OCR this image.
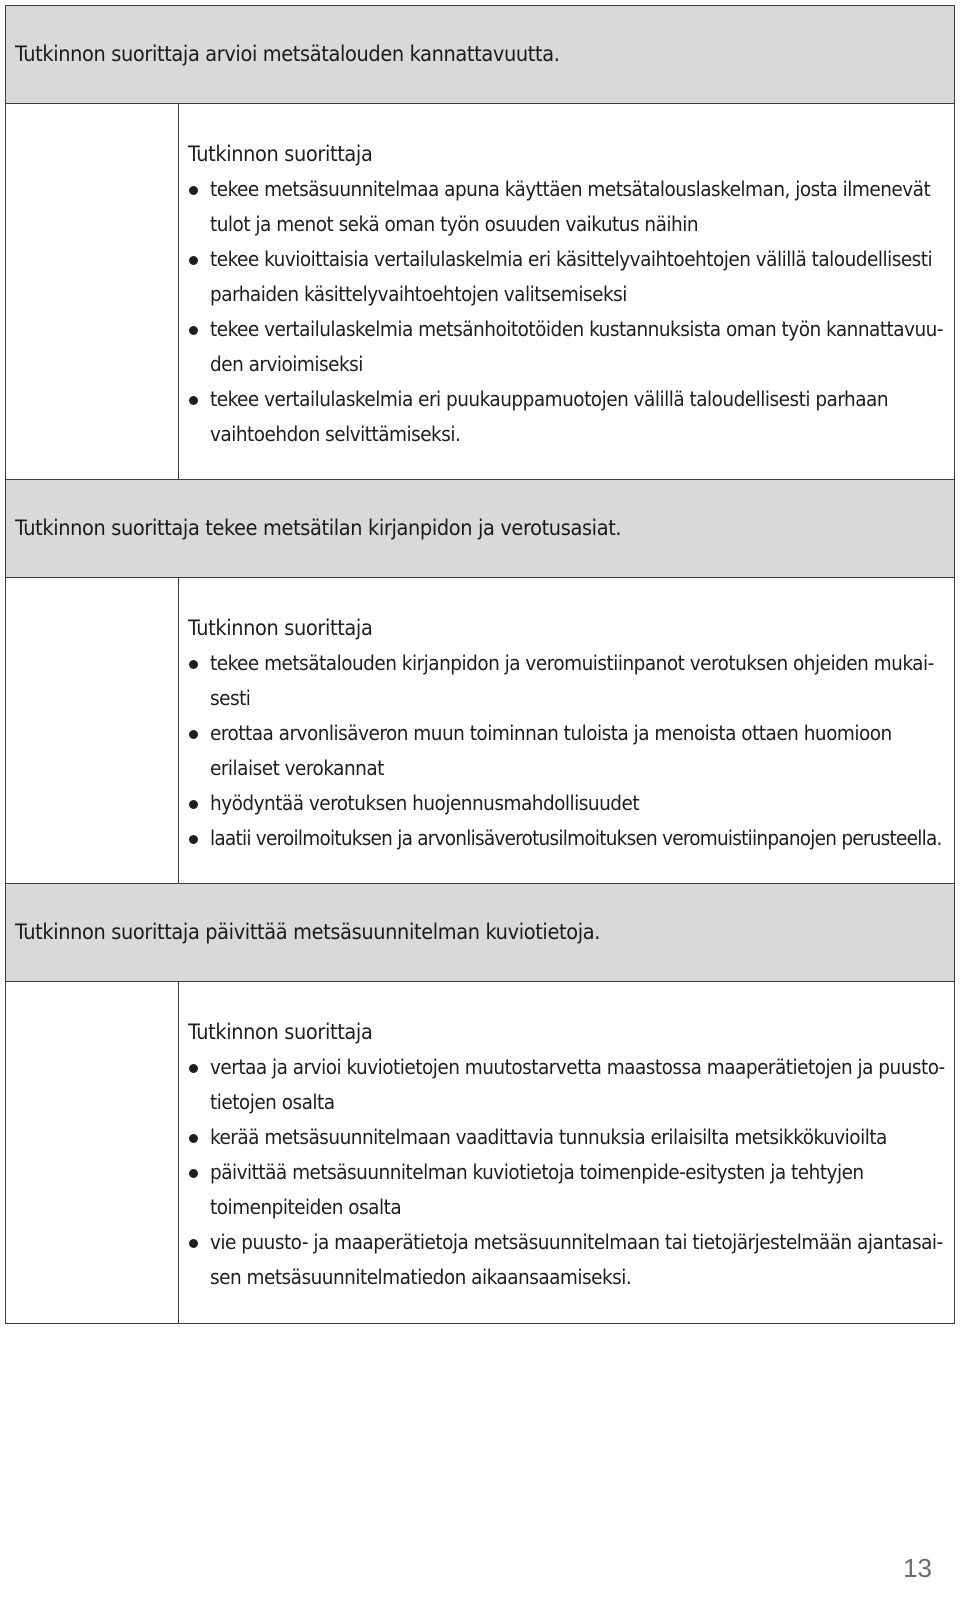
Tutkinnon suorittaja arvioi metsätalouden kannattavuutta.

Tutkinnon suorittaja

tekee metsäsuunnitelmaa apuna käyttäen metsätalouslaskelman, josta ilmenevät tulot ja menot sekä oman työn osuuden vaikutus näihin
tekee kuvioittaisia vertailulaskelmia eri käsittelyvaihtoehtojen välillä taloudellisesti parhaiden käsittelyvaihtoehtojen valitsemiseksi
tekee vertailulaskelmia metsänhoitotöiden kustannuksista oman työn kannattavuuden arvioimiseksi
tekee vertailulaskelmia eri puukauppamuotojen välillä taloudellisesti parhaan vaihtoehdon selvittämiseksi.
Tutkinnon suorittaja tekee metsätilan kirjanpidon ja verotusasiat.

Tutkinnon suorittaja

tekee metsätalouden kirjanpidon ja veromuistiinpanot verotuksen ohjeiden mukaisesti
erottaa arvonlisäveron muun toiminnan tuloista ja menoista ottaen huomioon erilaiset verokannat
hyödyntää verotuksen huojennusmahdollisuudet
laatii veroilmoituksen ja arvonlisäverotusilmoituksen veromuistiinpanojen perusteella.
Tutkinnon suorittaja päivittää metsäsuunnitelman kuviotietoja.

Tutkinnon suorittaja

vertaa ja arvioi kuviotietojen muutostarvetta maastossa maaperätietojen ja puustotietojen osalta
kerää metsäsuunnitelmaan vaadittavia tunnuksia erilaisilta metsikkökuvioilta
päivittää metsäsuunnitelman kuviotietoja toimenpide-esitysten ja tehtyjen toimenpiteiden osalta
vie puusto- ja maaperätietoja metsäsuunnitelmaan tai tietojärjestelmään ajantasaisen metsäsuunnitelmatiedon aikaansaamiseksi.
13
